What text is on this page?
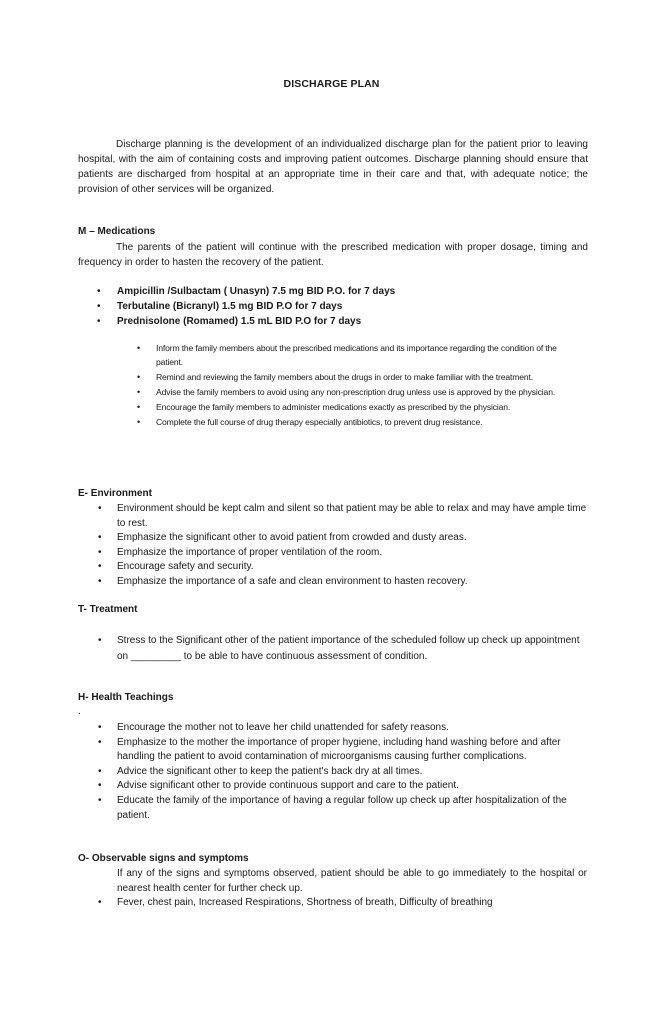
DISCHARGE PLAN
Discharge planning is the development of an individualized discharge plan for the patient prior to leaving hospital, with the aim of containing costs and improving patient outcomes. Discharge planning should ensure that patients are discharged from hospital at an appropriate time in their care and that, with adequate notice; the provision of other services will be organized.
M – Medications
The parents of the patient will continue with the prescribed medication with proper dosage, timing and frequency in order to hasten the recovery of the patient.
• Ampicillin /Sulbactam ( Unasyn) 7.5 mg BID P.O. for 7 days
• Terbutaline (Bicranyl) 1.5 mg BID P.O for 7 days
• Prednisolone (Romamed) 1.5 mL BID P.O for 7 days
• Inform the family members about the prescribed medications and its importance regarding the condition of the patient.
• Remind and reviewing the family members about the drugs in order to make familiar with the treatment.
• Advise the family members to avoid using any non-prescription drug unless use is approved by the physician.
• Encourage the family members to administer medications exactly as prescribed by the physician.
• Complete the full course of drug therapy especially antibiotics, to prevent drug resistance.
E- Environment
• Environment should be kept calm and silent so that patient may be able to relax and may have ample time to rest.
• Emphasize the significant other to avoid patient from crowded and dusty areas.
• Emphasize the importance of proper ventilation of the room.
• Encourage safety and security.
• Emphasize the importance of a safe and clean environment to hasten recovery.
T- Treatment
• Stress to the Significant other of the patient importance of the scheduled follow up check up appointment on _________ to be able to have continuous assessment of condition.
H- Health Teachings
.
• Encourage the mother not to leave her child unattended for safety reasons.
• Emphasize to the mother the importance of proper hygiene, including hand washing before and after handling the patient to avoid contamination of microorganisms causing further complications.
• Advice the significant other to keep the patient's back dry at all times.
• Advise significant other to provide continuous support and care to the patient.
• Educate the family of the importance of having a regular follow up check up after hospitalization of the patient.
O- Observable signs and symptoms
If any of the signs and symptoms observed, patient should be able to go immediately to the hospital or nearest health center for further check up.
• Fever, chest pain, Increased Respirations, Shortness of breath, Difficulty of breathing
